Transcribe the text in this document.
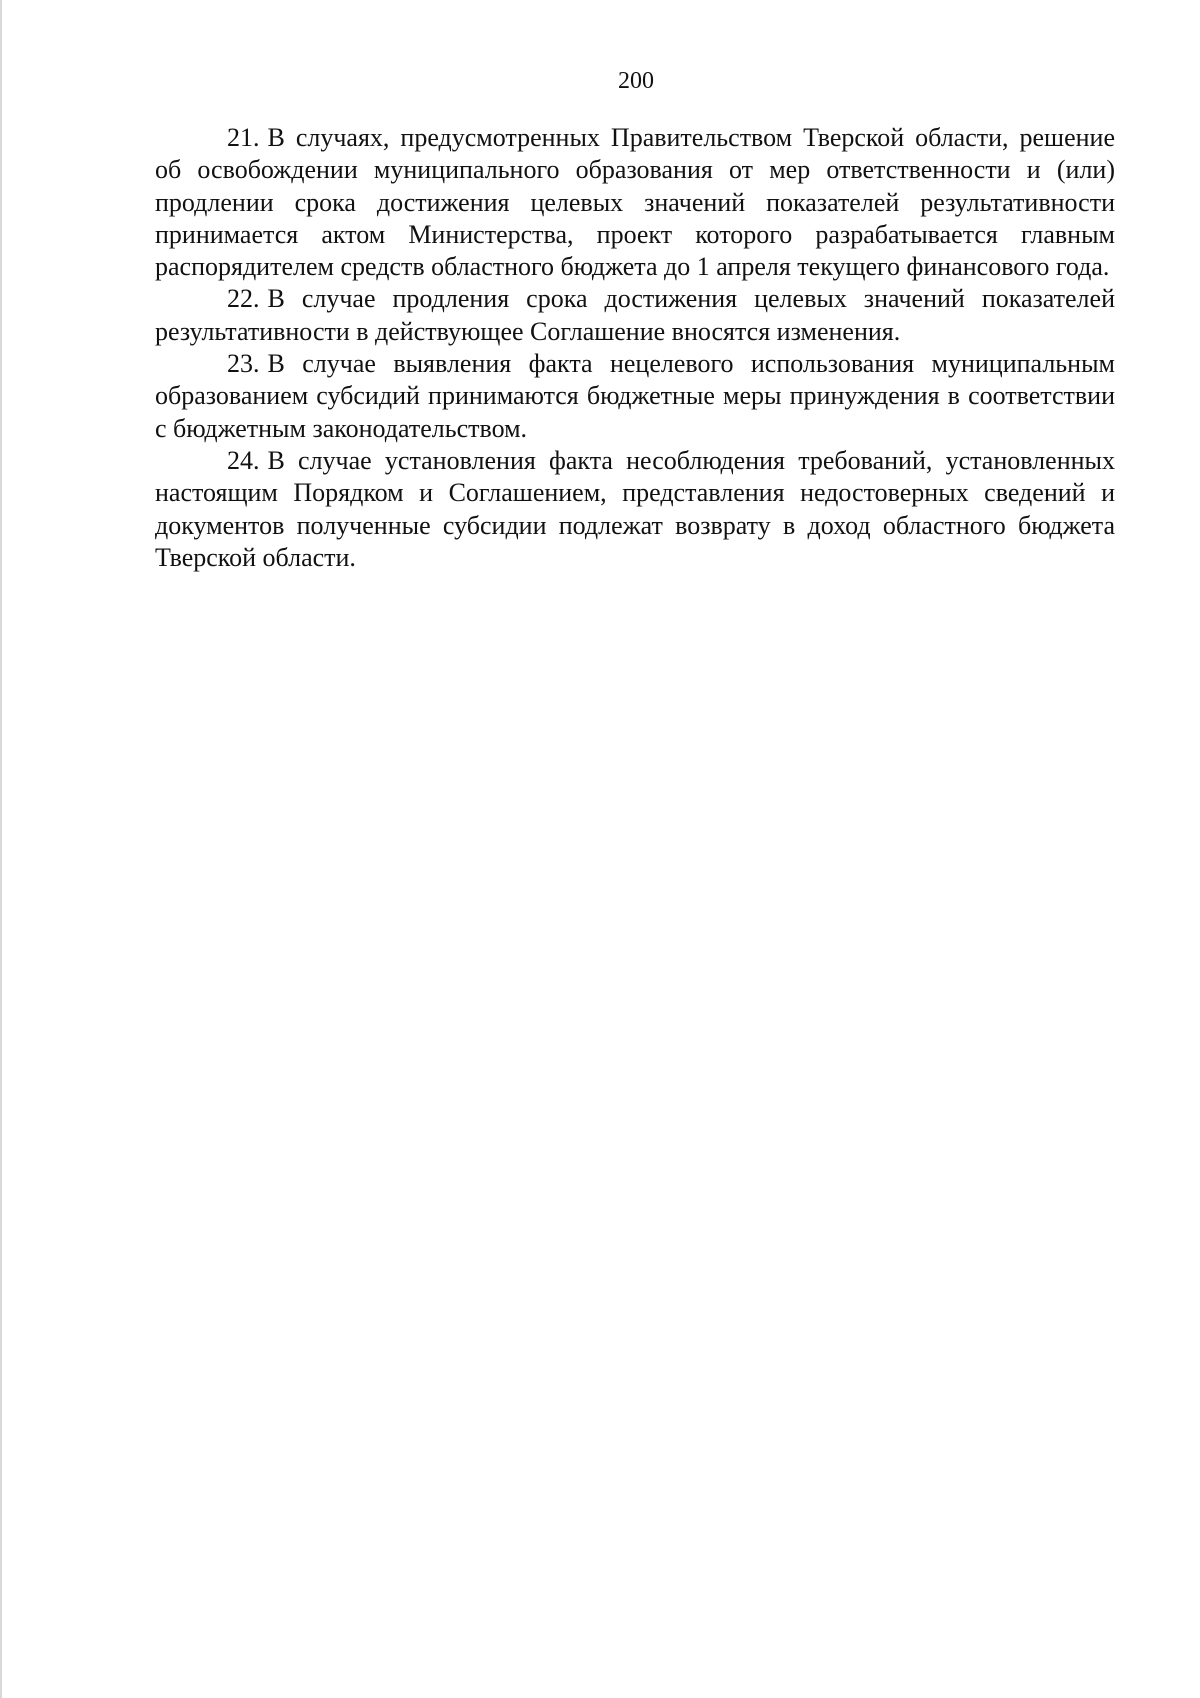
200

21. В случаях, предусмотренных Правительством Тверской области, решение об освобождении муниципального образования от мер ответственности и (или) продлении срока достижения целевых значений показателей результативности принимается актом Министерства, проект которого разрабатывается главным распорядителем средств областного бюджета до 1 апреля текущего финансового года.

22. В случае продления срока достижения целевых значений показателей результативности в действующее Соглашение вносятся изменения.

23. В случае выявления факта нецелевого использования муниципальным образованием субсидий принимаются бюджетные меры принуждения в соответствии с бюджетным законодательством.

24. В случае установления факта несоблюдения требований, установленных настоящим Порядком и Соглашением, представления недостоверных сведений и документов полученные субсидии подлежат возврату в доход областного бюджета Тверской области.
